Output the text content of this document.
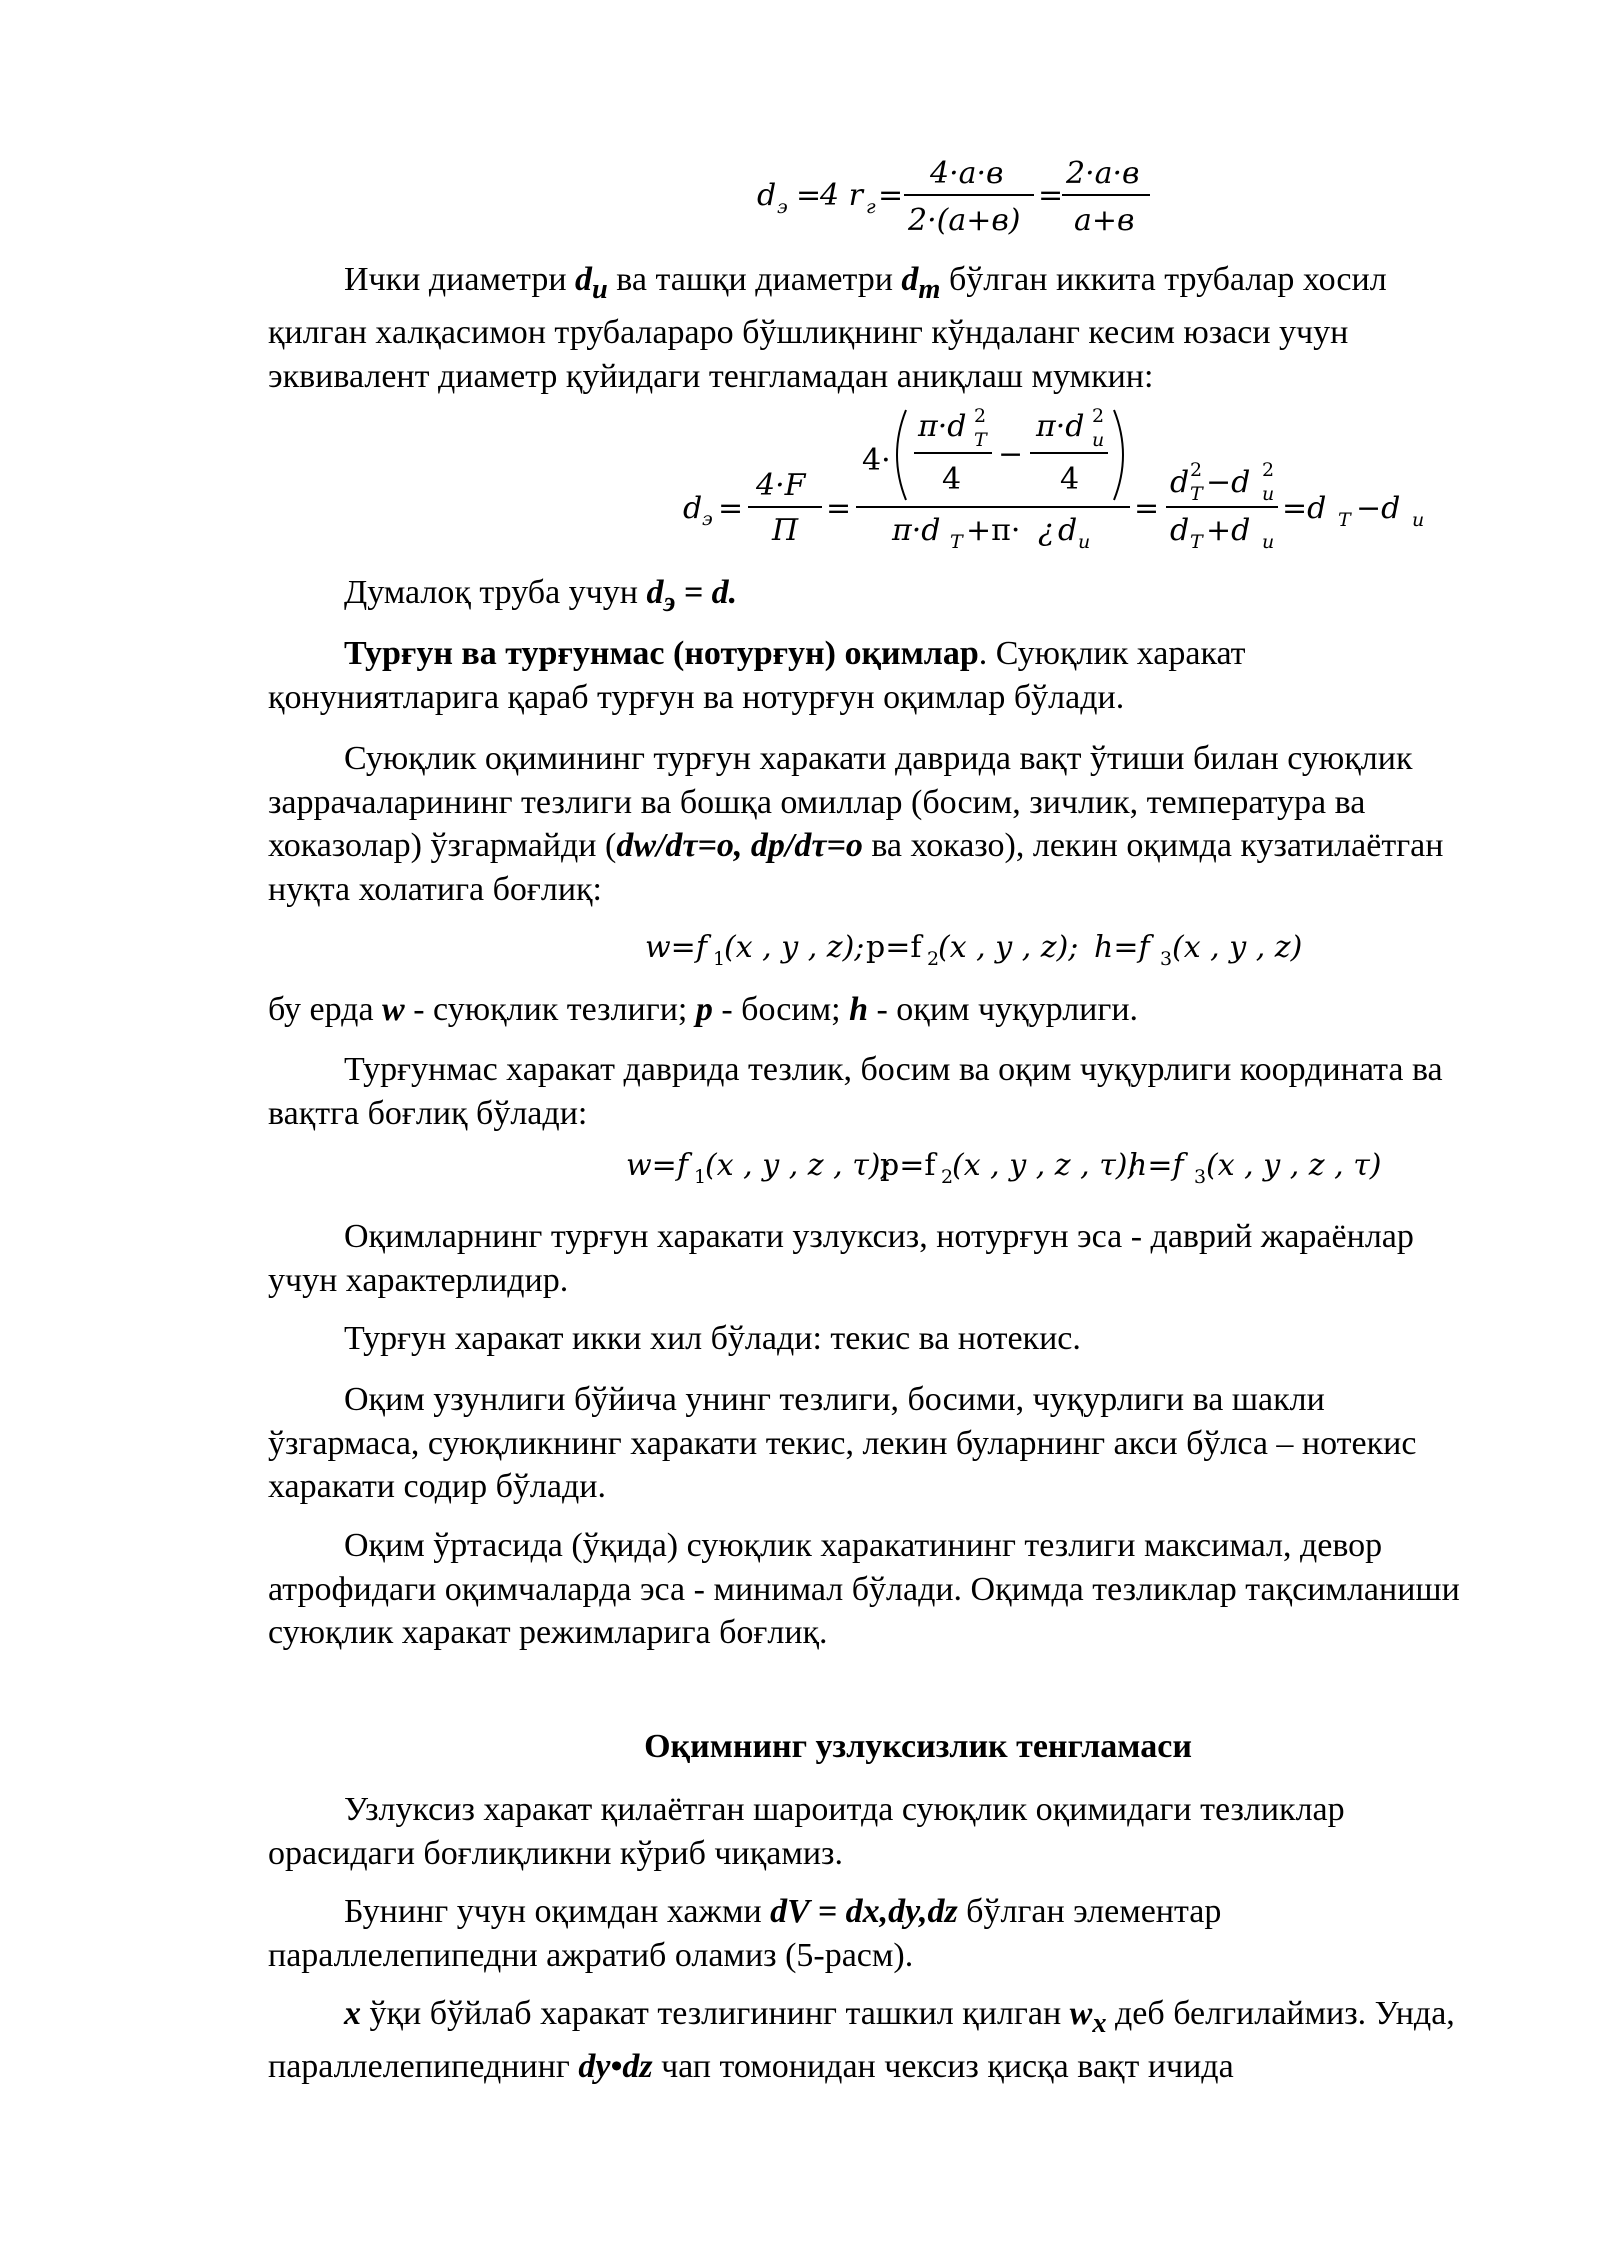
d э =
4 r г =
4·a·в
2·(a+в)
=
2·a·в
a+в

Ички диаметри $d_и$ ва ташқи диаметри $d_т$ бўлган иккита трубалар хосил қилган халқасимон трубалараро бўшлиқнинг кўндаланг кесим юзаси учун эквивалент диаметр қуйидаги тенгламадан аниқлаш мумкин:

d э =
4·F
П
=
4·
π·d 2
T
4
−
π·d 2
u
4
π·d T +π· ¿ d u
=
d 2
T −d 2
u
d T +d u
=d T −d u

Думалоқ труба учун $d_э = d$.

Турғун ва турғунмас (нотурғун) оқимлар. Суюқлик харакат қонуниятларига қараб турғун ва нотурғун оқимлар бўлади.

Суюқлик оқимининг турғун харакати даврида вақт ўтиши билан суюқлик заррачаларининг тезлиги ва бошқа омиллар (босим, зичлик, температура ва хоказолар) ўзгармайди (dw/dτ=o, dp/dτ=o ва хоказо), лекин оқимда кузатилаётган нуқта холатига боғлиқ:

w=f 1
(x , y , z); p=f 2
(x , y , z); h=f 3 (x , y , z)

бу ерда w - суюқлик тезлиги; p - босим; h - оқим чуқурлиги.

Турғунмас харакат даврида тезлик, босим ва оқим чуқурлиги координата ва вақтга боғлиқ бўлади:

w=f 1
(x , y , z , τ);
p=f 2
(x , y , z , τ);
h=f 3 (x , y , z , τ)

Оқимларнинг турғун харакати узлуксиз, нотурғун эса - даврий жараёнлар учун характерлидир.

Турғун харакат икки хил бўлади: текис ва нотекис.

Оқим узунлиги бўйича унинг тезлиги, босими, чуқурлиги ва шакли ўзгармаса, суюқликнинг харакати текис, лекин буларнинг акси бўлса – нотекис харакати содир бўлади.

Оқим ўртасида (ўқида) суюқлик харакатининг тезлиги максимал, девор атрофидаги оқимчаларда эса - минимал бўлади. Оқимда тезликлар тақсимланиши суюқлик харакат режимларига боғлиқ.

Оқимнинг узлуксизлик тенгламаси

Узлуксиз харакат қилаётган шароитда суюқлик оқимидаги тезликлар орасидаги боғлиқликни кўриб чиқамиз.

Бунинг учун оқимдан хажми dV = dx,dy,dz бўлган элементар параллелепипедни ажратиб оламиз (5-расм).

x ўқи бўйлаб харакат тезлигининг ташкил қилган $w_x$ деб белгилаймиз. Унда, параллелепипеднинг dy•dz чап томонидан чексиз қисқа вақт ичида
